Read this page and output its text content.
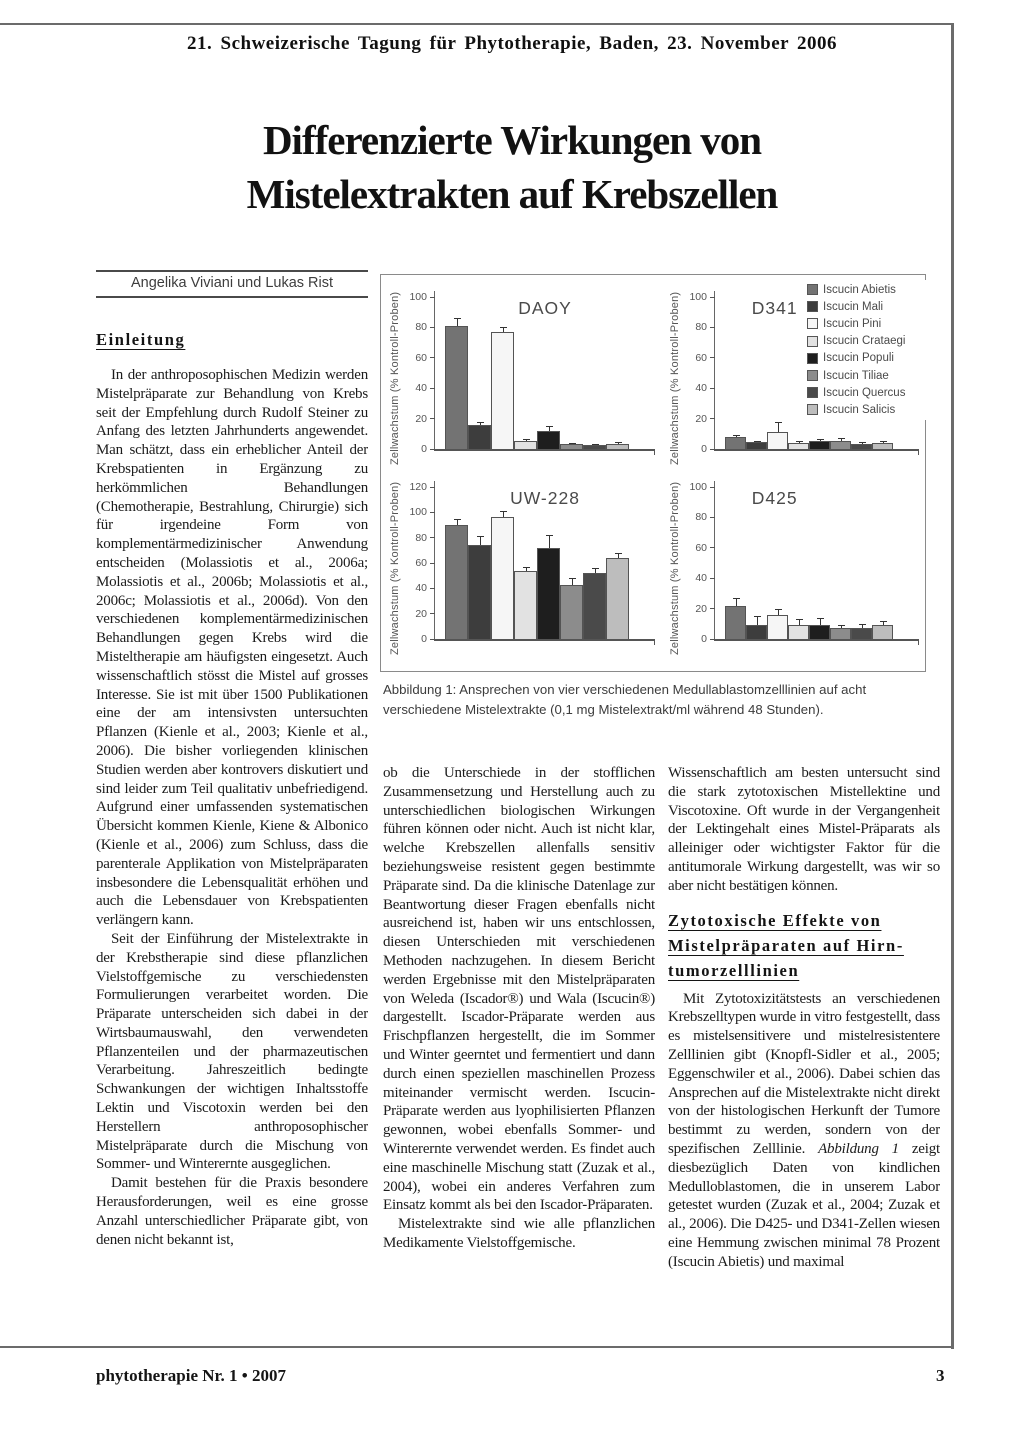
21. Schweizerische Tagung für Phytotherapie, Baden, 23. November 2006
Differenzierte Wirkungen von
Mistelextrakten auf Krebszellen
Angelika Viviani und Lukas Rist
Einleitung

In der anthroposophischen Medizin werden Mistelpräparate zur Behandlung von Krebs seit der Empfehlung durch Rudolf Steiner zu Anfang des letzten Jahrhunderts angewendet. Man schätzt, dass ein erheblicher Anteil der Krebspatienten in Ergänzung zu herkömmlichen Behandlungen (Chemotherapie, Bestrahlung, Chirurgie) sich für irgendeine Form von komplementärmedizinischer Anwendung entscheiden (Molassiotis et al., 2006a; Molassiotis et al., 2006b; Molassiotis et al., 2006c; Molassiotis et al., 2006d). Von den verschiedenen komplementärmedizinischen Behandlungen gegen Krebs wird die Misteltherapie am häufigsten eingesetzt. Auch wissenschaftlich stösst die Mistel auf grosses Interesse. Sie ist mit über 1500 Publikationen eine der am intensivsten untersuchten Pflanzen (Kienle et al., 2003; Kienle et al., 2006). Die bisher vorliegenden klinischen Studien werden aber kontrovers diskutiert und sind leider zum Teil qualitativ unbefriedigend. Aufgrund einer umfassenden systematischen Übersicht kommen Kienle, Kiene & Albonico (Kienle et al., 2006) zum Schluss, dass die parenterale Applikation von Mistelpräparaten insbesondere die Lebensqualität erhöhen und auch die Lebensdauer von Krebspatienten verlängern kann.

Seit der Einführung der Mistelextrakte in der Krebstherapie sind diese pflanzlichen Vielstoffgemische zu verschiedensten Formulierungen verarbeitet worden. Die Präparate unterscheiden sich dabei in der Wirtsbaumauswahl, den verwendeten Pflanzenteilen und der pharmazeutischen Verarbeitung. Jahreszeitlich bedingte Schwankungen der wichtigen Inhaltsstoffe Lektin und Viscotoxin werden bei den Herstellern anthroposophischer Mistelpräparate durch die Mischung von Sommer- und Winterernte ausgeglichen.

Damit bestehen für die Praxis besondere Herausforderungen, weil es eine grosse Anzahl unterschiedlicher Präparate gibt, von denen nicht bekannt ist,

Zellwachstum (% Kontroll-Proben) 0
20
40
60
80
100
DAOY	Zellwachstum (% Kontroll-Proben) 0
20
40
60
80
100
D341
Zellwachstum (% Kontroll-Proben) 0
20
40
60
80
100
120
UW-228	Zellwachstum (% Kontroll-Proben) 0
20
40
60
80
100
D425
Iscucin Abietis
Iscucin Mali
Iscucin Pini
Iscucin Crataegi
Iscucin Populi
Iscucin Tiliae
Iscucin Quercus
Iscucin Salicis
Abbildung 1: Ansprechen von vier verschiedenen Medullablastomzelllinien auf acht verschiedene Mistelextrakte (0,1 mg Mistelextrakt/ml während 48 Stunden).

ob die Unterschiede in der stofflichen Zusammensetzung und Herstellung auch zu unterschiedlichen biologischen Wirkungen führen können oder nicht. Auch ist nicht klar, welche Krebszellen allenfalls sensitiv beziehungsweise resistent gegen bestimmte Präparate sind. Da die klinische Datenlage zur Beantwortung dieser Fragen ebenfalls nicht ausreichend ist, haben wir uns entschlossen, diesen Unterschieden mit verschiedenen Methoden nachzugehen. In diesem Bericht werden Ergebnisse mit den Mistelpräparaten von Weleda (Iscador®) und Wala (Iscucin®) dargestellt. Iscador-Präparate werden aus Frischpflanzen hergestellt, die im Sommer und Winter geerntet und fermentiert und dann durch einen speziellen maschinellen Prozess miteinander vermischt werden. Iscucin-Präparate werden aus lyophilisierten Pflanzen gewonnen, wobei ebenfalls Sommer- und Winterernte verwendet werden. Es findet auch eine maschinelle Mischung statt (Zuzak et al., 2004), wobei ein anderes Verfahren zum Einsatz kommt als bei den Iscador-Präparaten.

Mistelextrakte sind wie alle pflanzlichen Medikamente Vielstoffgemische.

Wissenschaftlich am besten untersucht sind die stark zytotoxischen Mistellektine und Viscotoxine. Oft wurde in der Vergangenheit der Lektingehalt eines Mistel-Präparats als alleiniger oder wichtigster Faktor für die antitumorale Wirkung dargestellt, was wir so aber nicht bestätigen können.

Zytotoxische Effekte von
Mistelpräparaten auf Hirn-
tumorzelllinien

Mit Zytotoxizitätstests an verschiedenen Krebszelltypen wurde in vitro festgestellt, dass es mistelsensitivere und mistelresistentere Zelllinien gibt (Knopfl-Sidler et al., 2005; Eggenschwiler et al., 2006). Dabei schien das Ansprechen auf die Mistelextrakte nicht direkt von der histologischen Herkunft der Tumore bestimmt zu werden, sondern von der spezifischen Zelllinie. Abbildung 1 zeigt diesbezüglich Daten von kindlichen Medulloblastomen, die in unserem Labor getestet wurden (Zuzak et al., 2004; Zuzak et al., 2006). Die D425- und D341-Zellen wiesen eine Hemmung zwischen minimal 78 Prozent (Iscucin Abietis) und maximal

phytotherapie Nr. 1 • 2007	3
